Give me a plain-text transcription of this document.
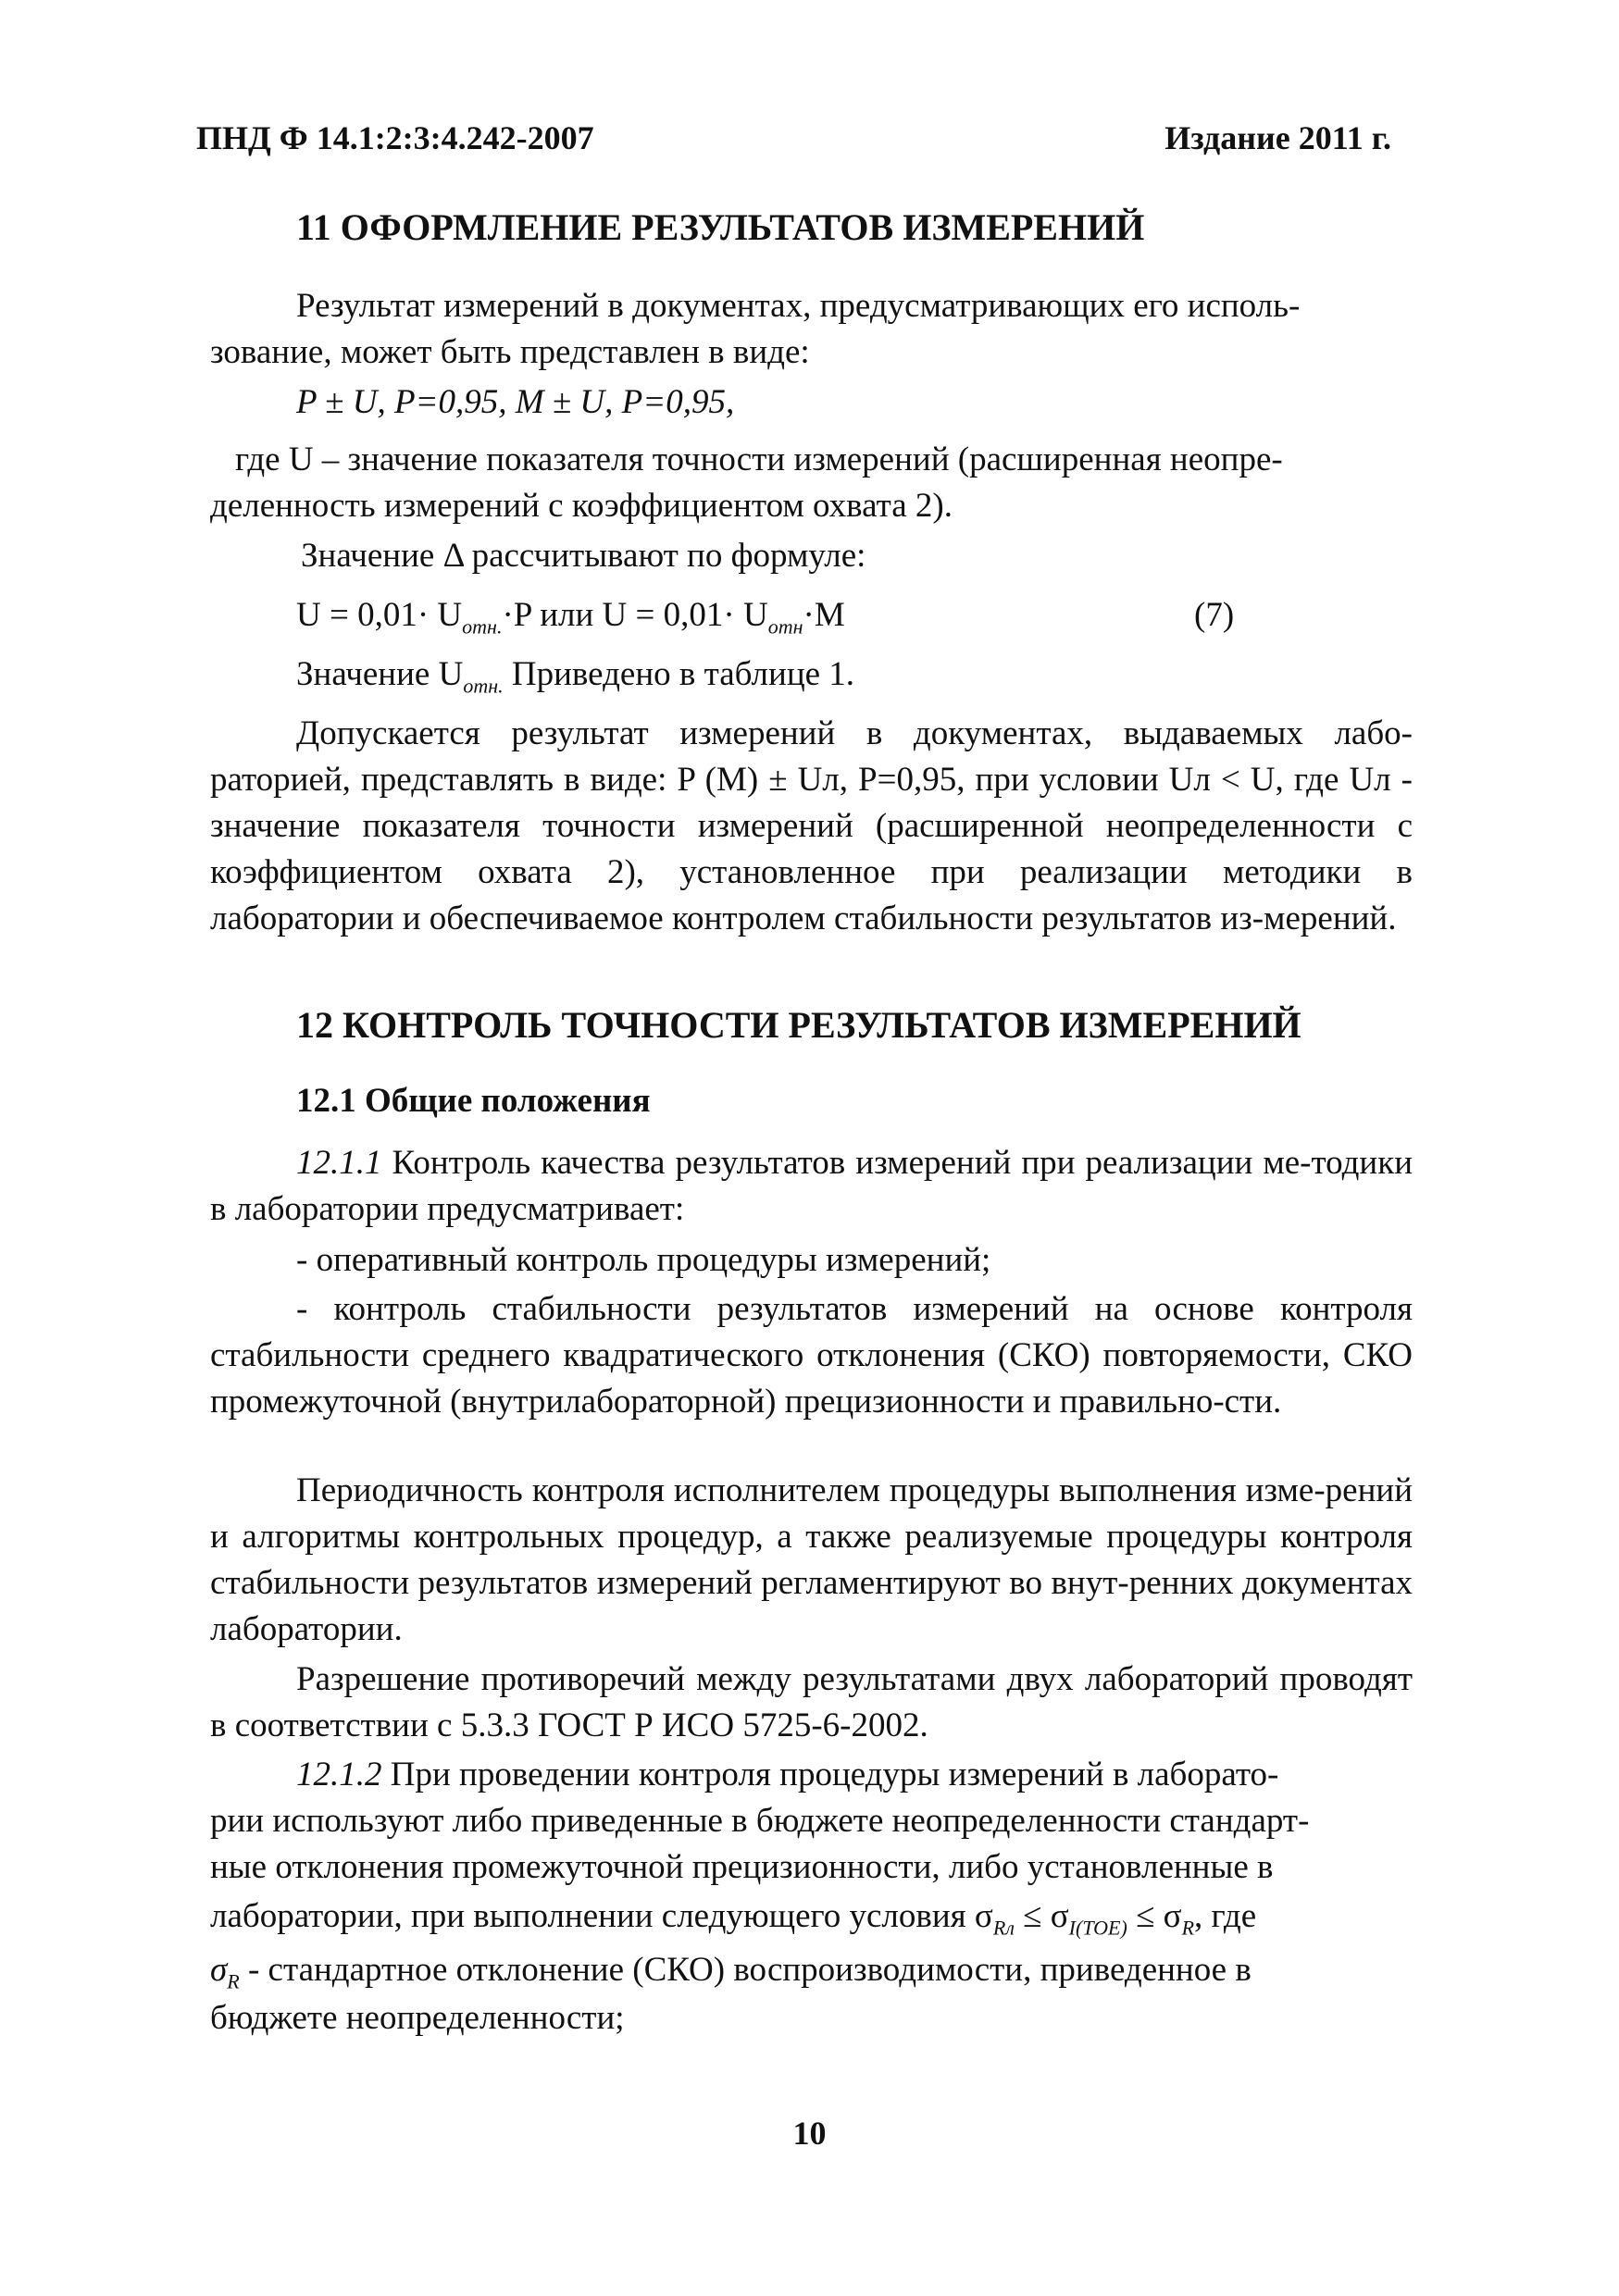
ПНД Ф 14.1:2:3:4.242-2007	Издание 2011 г.
11 ОФОРМЛЕНИЕ РЕЗУЛЬТАТОВ ИЗМЕРЕНИЙ
Результат измерений в документах, предусматривающих его исполь-
зование, может быть представлен в виде:
P ± U, P=0,95, M ± U, P=0,95,
где U – значение показателя точности измерений (расширенная неопре-
деленность измерений с коэффициентом охвата 2).
Значение Δ рассчитывают по формуле:
$U = 0,01\cdot U_{отн.}\cdot P$ или $U = 0,01\cdot U_{отн}\cdot M$	(7)
Значение $U_{отн.}$ Приведено в таблице 1.
Допускается результат измерений в документах, выдаваемых лабо-раторией, представлять в виде: P (M) ± Uл, P=0,95, при условии Uл < U, где Uл - значение показателя точности измерений (расширенной неопределенности с коэффициентом охвата 2), установленное при реализации методики в лаборатории и обеспечиваемое контролем стабильности результатов из-мерений.
12 КОНТРОЛЬ ТОЧНОСТИ РЕЗУЛЬТАТОВ ИЗМЕРЕНИЙ
12.1 Общие положения
12.1.1 Контроль качества результатов измерений при реализации ме-тодики в лаборатории предусматривает:
- оперативный контроль процедуры измерений;
- контроль стабильности результатов измерений на основе контроля стабильности среднего квадратического отклонения (СКО) повторяемости, СКО промежуточной (внутрилабораторной) прецизионности и правильно-сти.
Периодичность контроля исполнителем процедуры выполнения изме-рений и алгоритмы контрольных процедур, а также реализуемые процедуры контроля стабильности результатов измерений регламентируют во внут-ренних документах лаборатории.
Разрешение противоречий между результатами двух лабораторий проводят в соответствии с 5.3.3 ГОСТ Р ИСО 5725-6-2002.
12.1.2 При проведении контроля процедуры измерений в лаборато-
рии используют либо приведенные в бюджете неопределенности стандарт-
ные отклонения промежуточной прецизионности, либо установленные в
лаборатории, при выполнении следующего условия $\sigma_{Rл} \le \sigma_{I(TOE)} \le \sigma_R$, где
$\sigma_R$ - стандартное отклонение (СКО) воспроизводимости, приведенное в
бюджете неопределенности;
10
